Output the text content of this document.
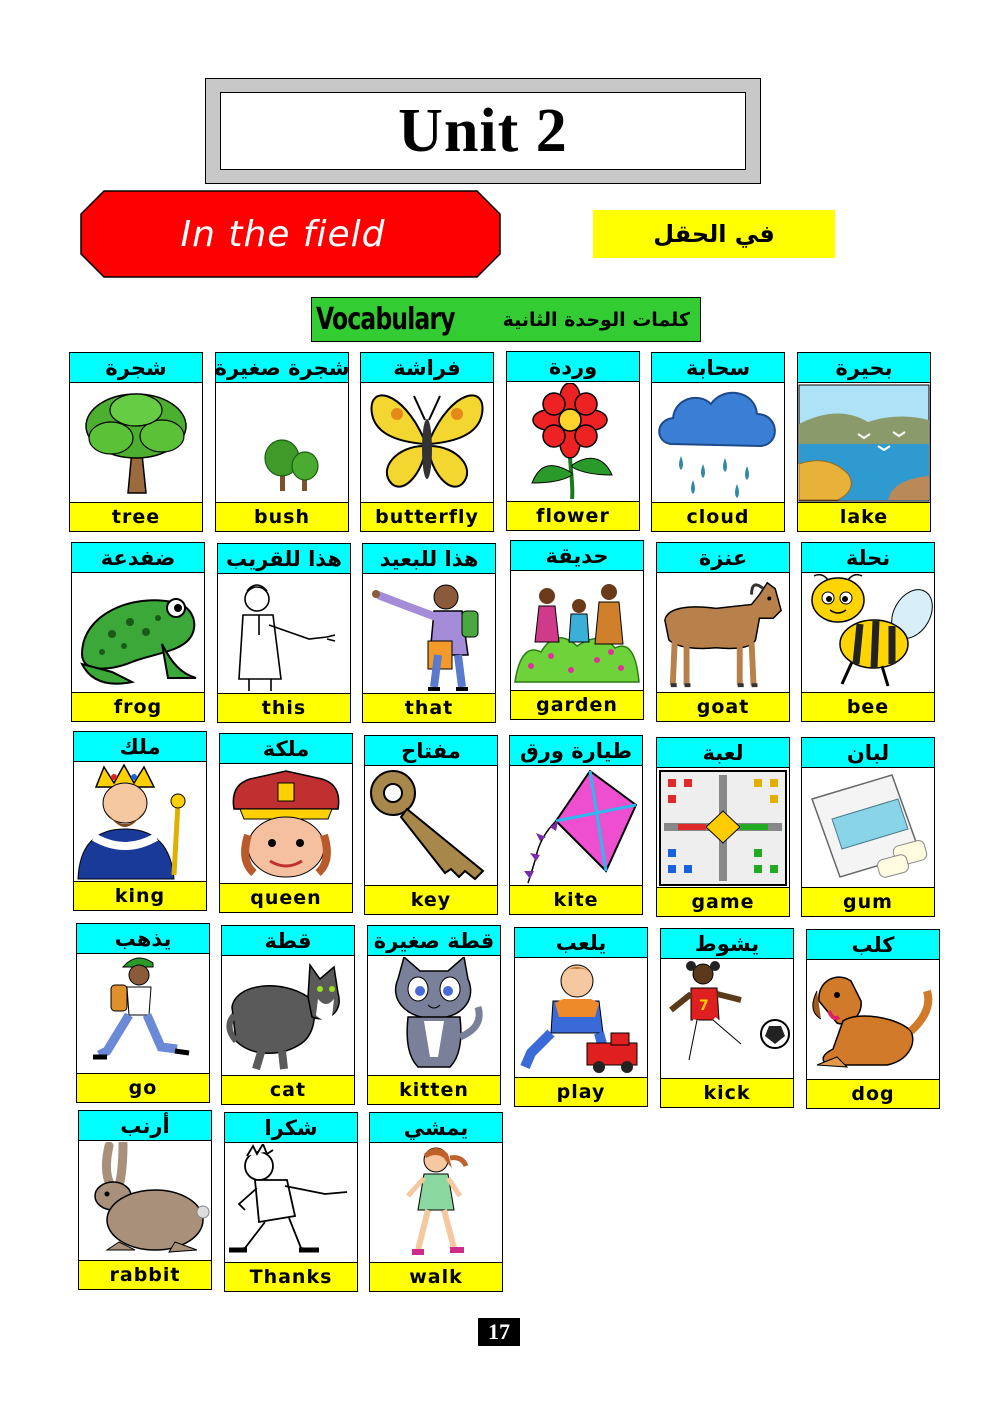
Unit 2
In the field	في الحقل
Vocabulary	كلمات الوحدة الثانية
شجرة
tree
شجرة صغيرة
bush
فراشة
butterfly
وردة
flower
سحابة
cloud
بحيرة
lake
ضفدعة
frog
هذا للقريب
this
هذا للبعيد
that
حديقة
garden
عنزة
goat
نحلة
bee
ملك
king
ملكة
queen
مفتاح
key
طيارة ورق
kite
لعبة
game
لبان
gum
يذهب
go
قطة
cat
قطة صغيرة
kitten
يلعب
play
يشوط
7
kick
كلب
dog
أرنب
rabbit
شكرا
Thanks
يمشي
walk
17
